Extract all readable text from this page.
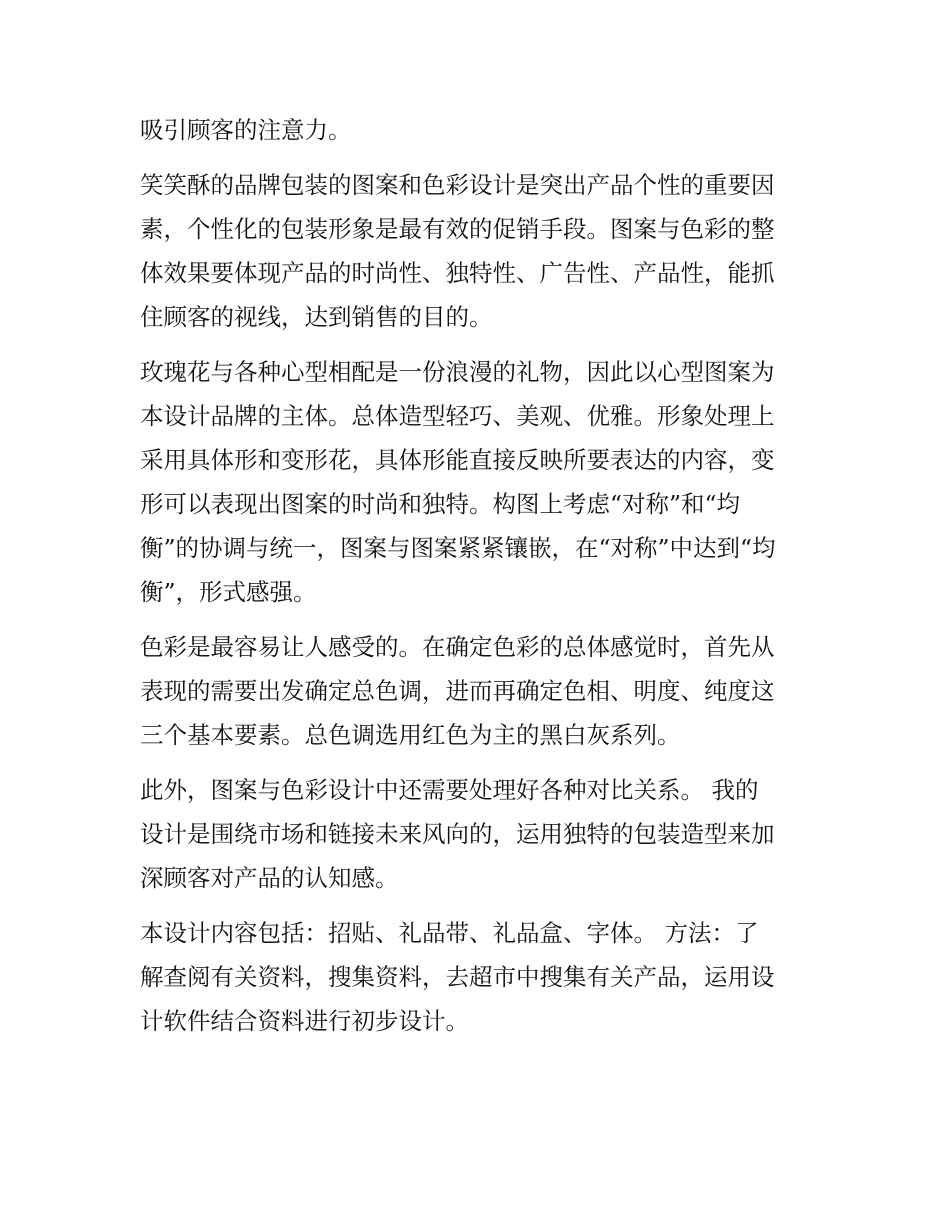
吸引顾客的注意力。
笑笑酥的品牌包装的图案和色彩设计是突出产品个性的重要因
素，个性化的包装形象是最有效的促销手段。图案与色彩的整
体效果要体现产品的时尚性、独特性、广告性、产品性，能抓
住顾客的视线，达到销售的目的。
玫瑰花与各种心型相配是一份浪漫的礼物，因此以心型图案为
本设计品牌的主体。总体造型轻巧、美观、优雅。形象处理上
采用具体形和变形花，具体形能直接反映所要表达的内容，变
形可以表现出图案的时尚和独特。构图上考虑“对称”和“均
衡”的协调与统一，图案与图案紧紧镶嵌，在“对称”中达到“均
衡”，形式感强。
色彩是最容易让人感受的。在确定色彩的总体感觉时，首先从
表现的需要出发确定总色调，进而再确定色相、明度、纯度这
三个基本要素。总色调选用红色为主的黑白灰系列。
此外，图案与色彩设计中还需要处理好各种对比关系。 我的
设计是围绕市场和链接未来风向的，运用独特的包装造型来加
深顾客对产品的认知感。
本设计内容包括：招贴、礼品带、礼品盒、字体。 方法：了
解查阅有关资料，搜集资料，去超市中搜集有关产品，运用设
计软件结合资料进行初步设计。
